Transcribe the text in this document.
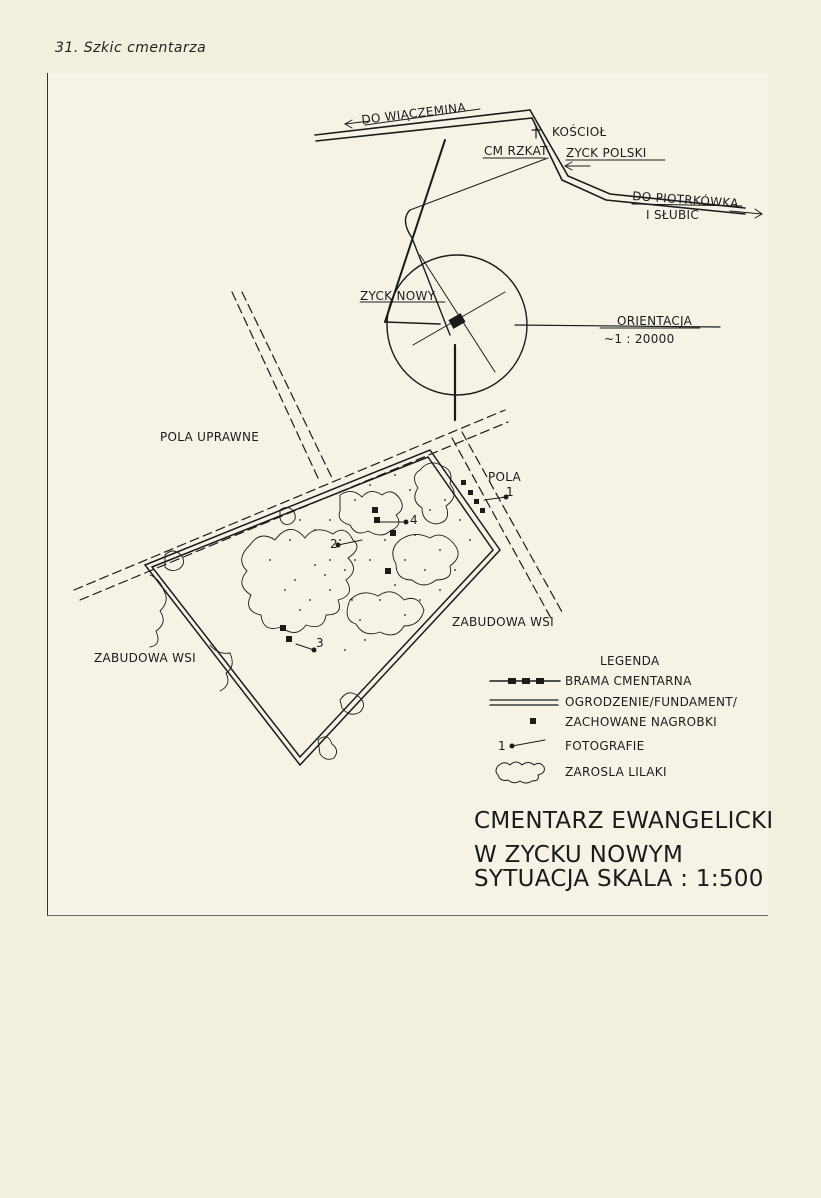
31. Szkic cmentarza
DO WIĄCZEMINA
KOŚCIOŁ
CM RZKAT ZYCK POLSKI
DO PIOTRKÓWKA
I SŁUBIC
ZYCK NOWY
ORIENTACJA
~1 : 20000
POLA UPRAWNE
POLA
ZABUDOWA WSI
ZABUDOWA WSI
1
2
3
4
LEGENDA
BRAMA CMENTARNA
OGRODZENIE/FUNDAMENT/
ZACHOWANE NAGROBKI
1	FOTOGRAFIE
ZAROSLA LILAKI
CMENTARZ EWANGELICKI
W ZYCKU NOWYM
SYTUACJA SKALA : 1:500
